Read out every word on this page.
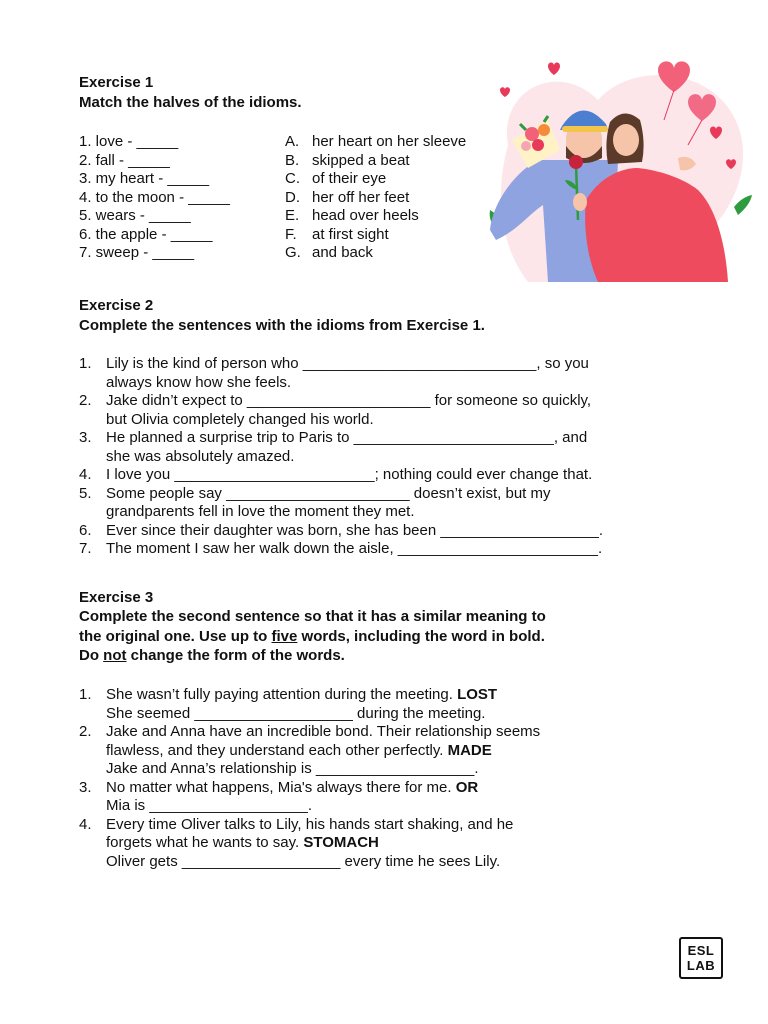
Exercise 1
Match the halves of the idioms.
1. love - _____
2. fall - _____
3. my heart - _____
4. to the moon - _____
5. wears - _____
6. the apple - _____
7. sweep - _____
A. her heart on her sleeve
B. skipped a beat
C. of their eye
D. her off her feet
E. head over heels
F. at first sight
G. and back
Exercise 2
Complete the sentences with the idioms from Exercise 1.
1. Lily is the kind of person who ____________________________, so you
always know how she feels.
2. Jake didn’t expect to ______________________ for someone so quickly,
but Olivia completely changed his world.
3. He planned a surprise trip to Paris to ________________________, and
she was absolutely amazed.
4. I love you ________________________; nothing could ever change that.
5. Some people say ______________________ doesn’t exist, but my
grandparents fell in love the moment they met.
6. Ever since their daughter was born, she has been ___________________.
7. The moment I saw her walk down the aisle, ________________________.
Exercise 3
Complete the second sentence so that it has a similar meaning to
the original one. Use up to five words, including the word in bold.
Do not change the form of the words.
1. She wasn’t fully paying attention during the meeting. LOST
She seemed ___________________ during the meeting.
2. Jake and Anna have an incredible bond. Their relationship seems
flawless, and they understand each other perfectly. MADE
Jake and Anna’s relationship is ___________________.
3. No matter what happens, Mia's always there for me. OR
Mia is ___________________.
4. Every time Oliver talks to Lily, his hands start shaking, and he
forgets what he wants to say. STOMACH
Oliver gets ___________________ every time he sees Lily.
ESL
LAB
